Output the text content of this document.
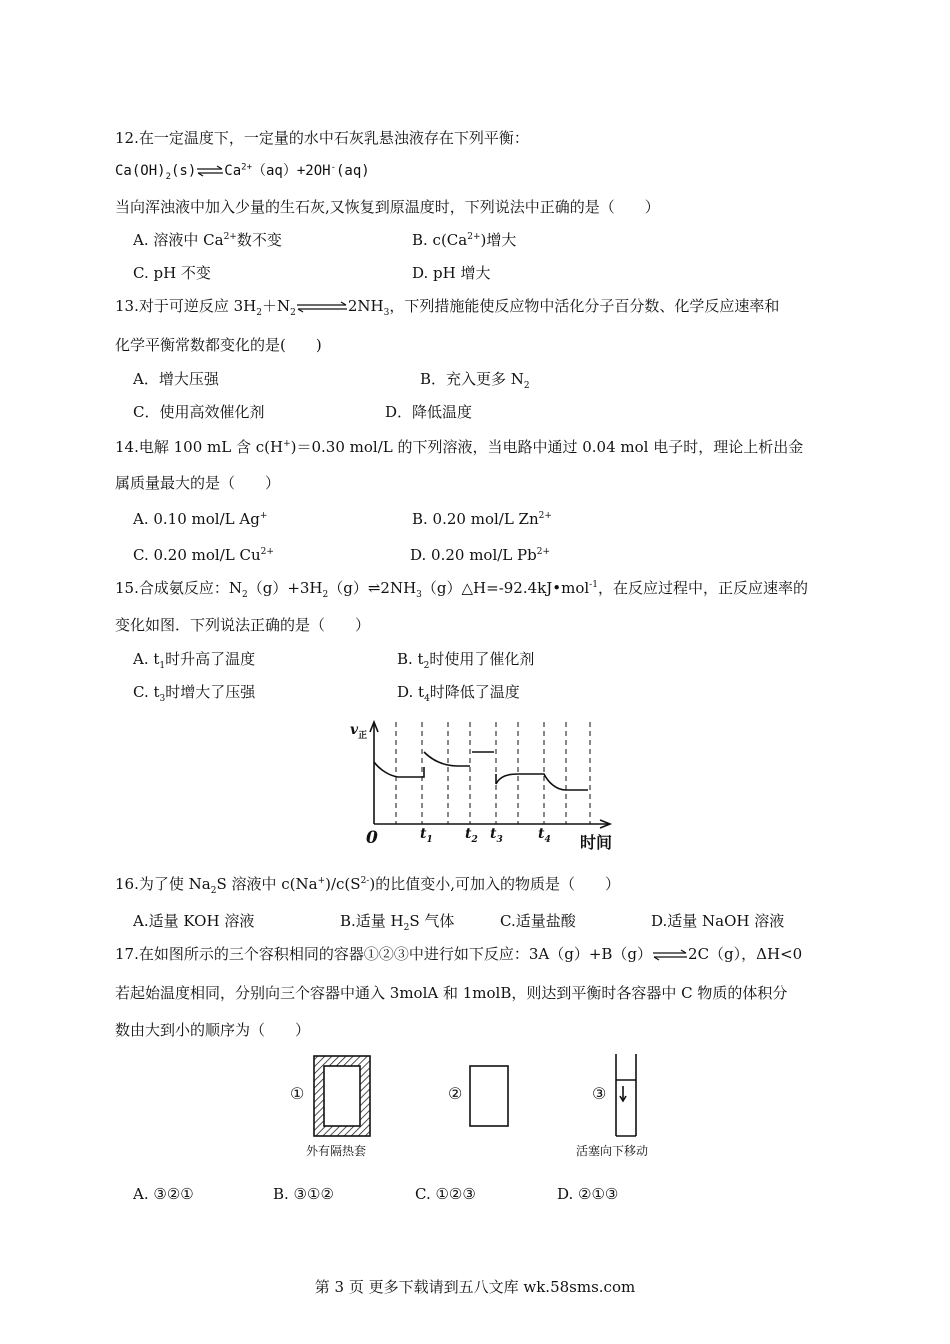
12.在一定温度下，一定量的水中石灰乳悬浊液存在下列平衡：
$Ca(OH)_2(s)\rightleftharpoons Ca^{2+}(aq)+2OH^-(aq)$
当向浑浊液中加入少量的生石灰,又恢复到原温度时，下列说法中正确的是（　　）
A. 溶液中 $Ca^{2+}$数不变	B. $c(Ca^{2+})$增大
C. pH 不变	D. pH 增大
13.对于可逆反应 $3H_2+N_2\rightleftharpoons 2NH_3$，下列措施能使反应物中活化分子百分数、化学反应速率和
化学平衡常数都变化的是(　　)
A．增大压强	B．充入更多 $N_2$
C．使用高效催化剂	D．降低温度
14.电解 100 mL 含 c(H+)＝0.30 mol/L 的下列溶液，当电路中通过 0.04 mol 电子时，理论上析出金
属质量最大的是（　　）
A. 0.10 mol/L Ag+	B. 0.20 mol/L $Zn^{2+}$
C. 0.20 mol/L $Cu^{2+}$	D. 0.20 mol/L $Pb^{2+}$
15.合成氨反应：$N_2(g)+3H_2(g)\rightleftharpoons 2NH_3(g)\triangle H=-92.4kJ•mol^{-1}$，在反应过程中，正反应速率的
变化如图．下列说法正确的是（　　）
A. $t_1$时升高了温度	B. $t_2$时使用了催化剂
C. $t_3$时增大了压强	D. $t_4$时降低了温度
$v_正$
0	$t_1$ $t_2$ $t_3$	$t_4$ 时间
16.为了使 $Na_2S$ 溶液中 $c(Na^+)/c(S^{2-})$的比值变小,可加入的物质是（　　）
A.适量 KOH 溶液	B.适量 $H_2S$ 气体	C.适量盐酸	D.适量 NaOH 溶液
17.在如图所示的三个容积相同的容器①②③中进行如下反应：3A（g）+B（g）⇌2C（g），ΔH<0
若起始温度相同，分别向三个容器中通入 3molA 和 1molB，则达到平衡时各容器中 C 物质的体积分
数由大到小的顺序为（　　）
①	②	③
外有隔热套	活塞向下移动
A. ③②①	B. ③①②	C. ①②③	D. ②①③
第 3 页 更多下载请到五八文库 wk.58sms.com
